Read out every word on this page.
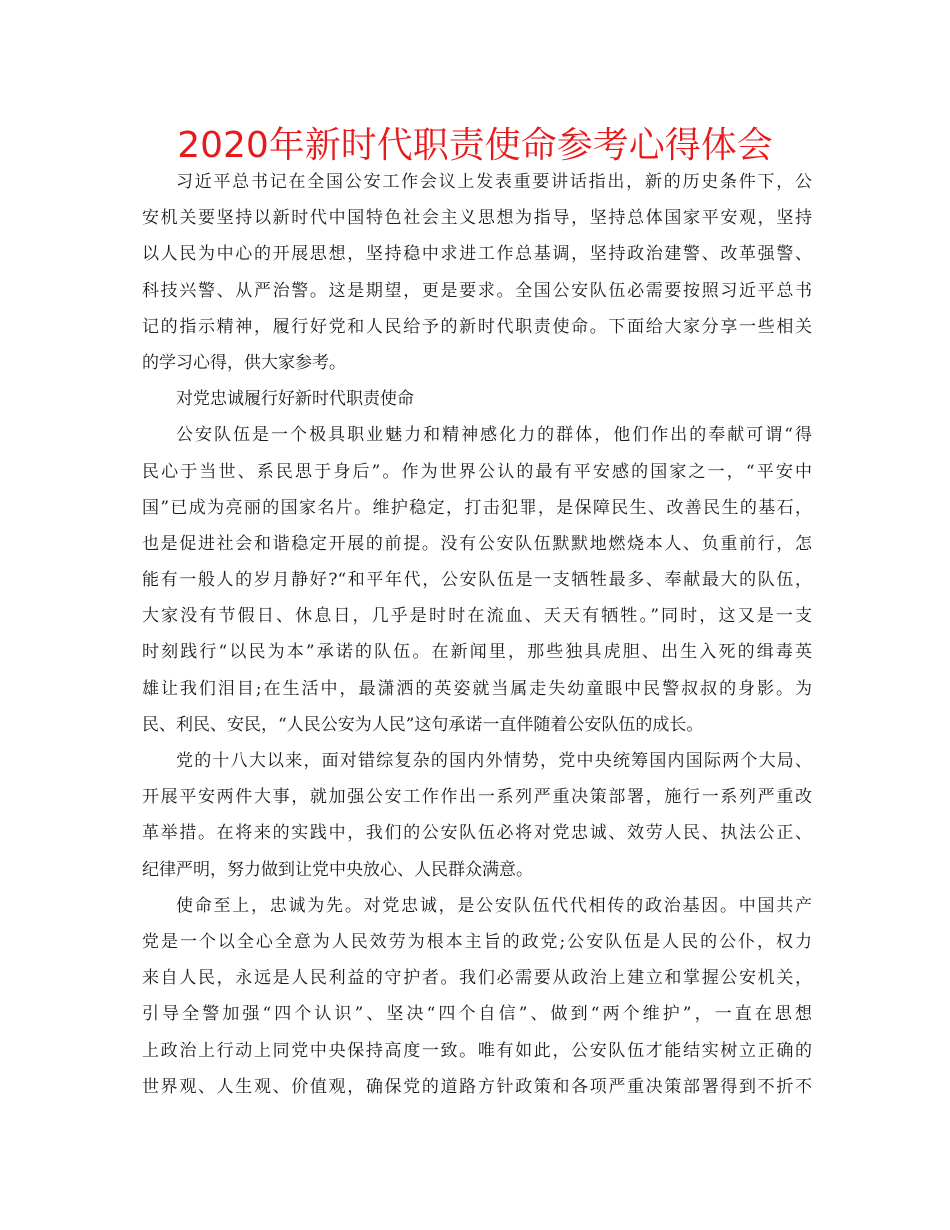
2020年新时代职责使命参考心得体会
习近平总书记在全国公安工作会议上发表重要讲话指出，新的历史条件下，公
安机关要坚持以新时代中国特色社会主义思想为指导，坚持总体国家平安观，坚持
以人民为中心的开展思想，坚持稳中求进工作总基调，坚持政治建警、改革强警、
科技兴警、从严治警。这是期望，更是要求。全国公安队伍必需要按照习近平总书
记的指示精神，履行好党和人民给予的新时代职责使命。下面给大家分享一些相关
的学习心得，供大家参考。
对党忠诚履行好新时代职责使命
公安队伍是一个极具职业魅力和精神感化力的群体，他们作出的奉献可谓“得
民心于当世、系民思于身后”。作为世界公认的最有平安感的国家之一，“平安中
国”已成为亮丽的国家名片。维护稳定，打击犯罪，是保障民生、改善民生的基石，
也是促进社会和谐稳定开展的前提。没有公安队伍默默地燃烧本人、负重前行，怎
能有一般人的岁月静好?“和平年代，公安队伍是一支牺牲最多、奉献最大的队伍，
大家没有节假日、休息日，几乎是时时在流血、天天有牺牲。”同时，这又是一支
时刻践行“以民为本”承诺的队伍。在新闻里，那些独具虎胆、出生入死的缉毒英
雄让我们泪目;在生活中，最潇洒的英姿就当属走失幼童眼中民警叔叔的身影。为
民、利民、安民，“人民公安为人民”这句承诺一直伴随着公安队伍的成长。
党的十八大以来，面对错综复杂的国内外情势，党中央统筹国内国际两个大局、
开展平安两件大事，就加强公安工作作出一系列严重决策部署，施行一系列严重改
革举措。在将来的实践中，我们的公安队伍必将对党忠诚、效劳人民、执法公正、
纪律严明，努力做到让党中央放心、人民群众满意。
使命至上，忠诚为先。对党忠诚，是公安队伍代代相传的政治基因。中国共产
党是一个以全心全意为人民效劳为根本主旨的政党;公安队伍是人民的公仆，权力
来自人民，永远是人民利益的守护者。我们必需要从政治上建立和掌握公安机关，
引导全警加强“四个认识”、坚决“四个自信”、做到“两个维护”，一直在思想
上政治上行动上同党中央保持高度一致。唯有如此，公安队伍才能结实树立正确的
世界观、人生观、价值观，确保党的道路方针政策和各项严重决策部署得到不折不
